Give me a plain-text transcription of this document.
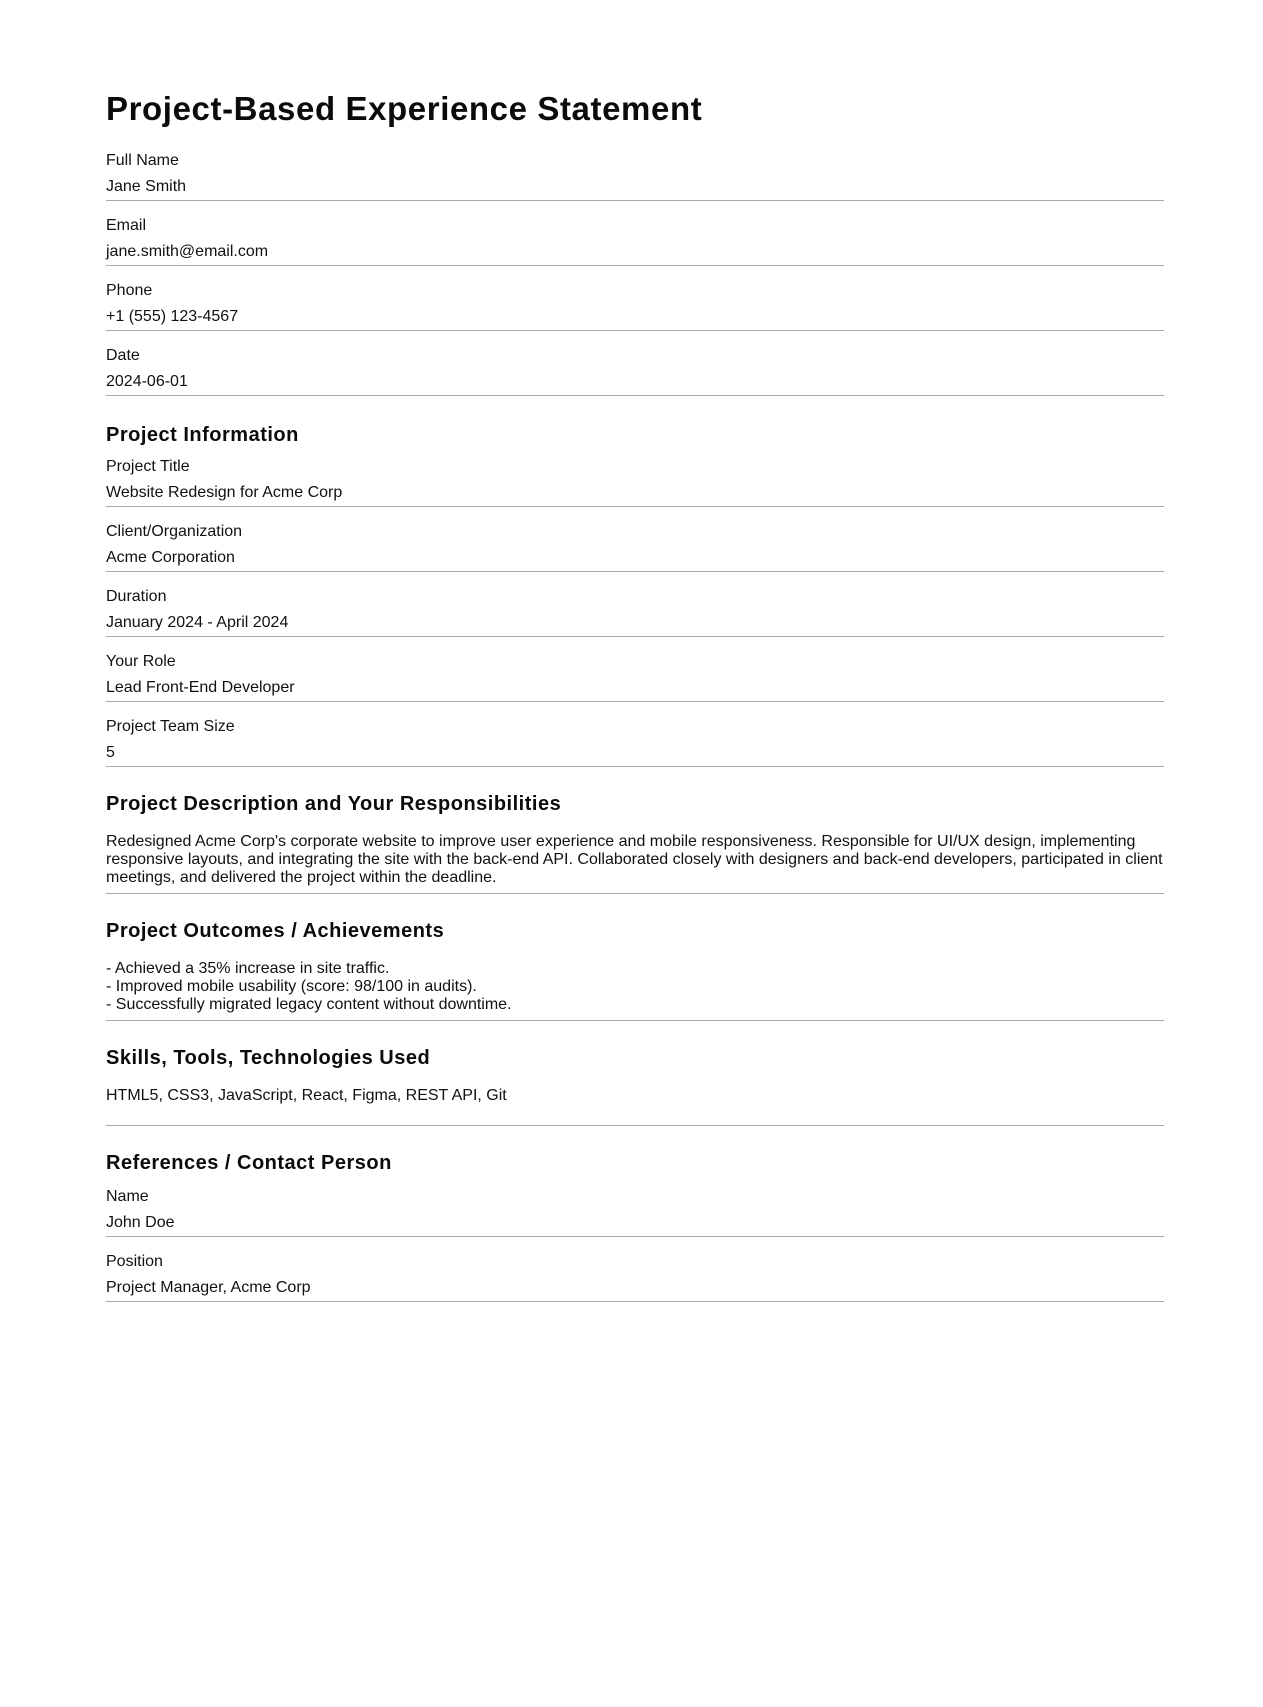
Project-Based Experience Statement
Full Name
Jane Smith
Email
jane.smith@email.com
Phone
+1 (555) 123-4567
Date
2024-06-01
Project Information
Project Title
Website Redesign for Acme Corp
Client/Organization
Acme Corporation
Duration
January 2024 - April 2024
Your Role
Lead Front-End Developer
Project Team Size
5
Project Description and Your Responsibilities
Redesigned Acme Corp's corporate website to improve user experience and mobile responsiveness. Responsible for UI/UX design, implementing responsive layouts, and integrating the site with the back-end API. Collaborated closely with designers and back-end developers, participated in client meetings, and delivered the project within the deadline.
Project Outcomes / Achievements
- Achieved a 35% increase in site traffic.
- Improved mobile usability (score: 98/100 in audits).
- Successfully migrated legacy content without downtime.
Skills, Tools, Technologies Used
HTML5, CSS3, JavaScript, React, Figma, REST API, Git
References / Contact Person
Name
John Doe
Position
Project Manager, Acme Corp
